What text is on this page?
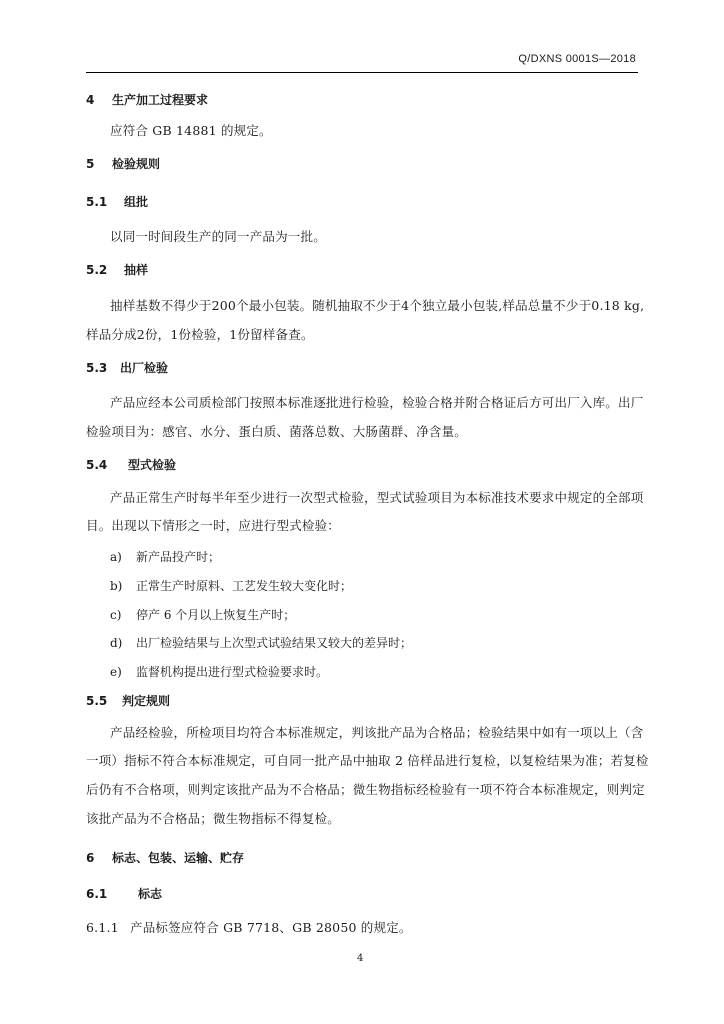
Q/DXNS 0001S—2018
4 生产加工过程要求
应符合 GB 14881 的规定。
5 检验规则
5.1 组批
以同一时间段生产的同一产品为一批。
5.2 抽样
抽样基数不得少于200个最小包装。随机抽取不少于4个独立最小包装,样品总量不少于0.18 kg,
样品分成2份，1份检验，1份留样备查。
5.3 出厂检验
产品应经本公司质检部门按照本标准逐批进行检验，检验合格并附合格证后方可出厂入库。出厂
检验项目为：感官、水分、蛋白质、菌落总数、大肠菌群、净含量。
5.4 型式检验
产品正常生产时每半年至少进行一次型式检验，型式试验项目为本标准技术要求中规定的全部项
目。出现以下情形之一时，应进行型式检验：
a) 新产品投产时；
b) 正常生产时原料、工艺发生较大变化时；
c) 停产 6 个月以上恢复生产时；
d) 出厂检验结果与上次型式试验结果又较大的差异时；
e) 监督机构提出进行型式检验要求时。
5.5 判定规则
产品经检验，所检项目均符合本标准规定，判该批产品为合格品；检验结果中如有一项以上（含
一项）指标不符合本标准规定，可自同一批产品中抽取 2 倍样品进行复检，以复检结果为准；若复检
后仍有不合格项，则判定该批产品为不合格品；微生物指标经检验有一项不符合本标准规定，则判定
该批产品为不合格品；微生物指标不得复检。
6 标志、包装、运输、贮存
6.1	标志
6.1.1 产品标签应符合 GB 7718、GB 28050 的规定。
4
